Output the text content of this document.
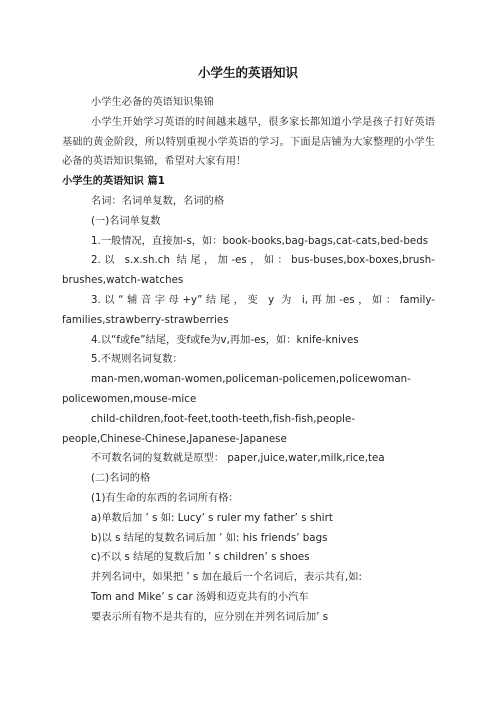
小学生的英语知识

小学生必备的英语知识集锦

小学生开始学习英语的时间越来越早，很多家长都知道小学是孩子打好英语基础的黄金阶段，所以特别重视小学英语的学习。下面是店铺为大家整理的小学生必备的英语知识集锦，希望对大家有用！

小学生的英语知识 篇1

名词：名词单复数，名词的格

(一)名词单复数

1.一般情况，直接加-s，如：book-books,bag-bags,cat-cats,bed-beds

2.以 s.x.sh.ch 结尾，加-es，如：bus-buses,box-boxes,brush-brushes,watch-watches

3.以“辅音字母+y”结尾，变 y 为 i,再加-es，如：family-families,strawberry-strawberries

4.以“f或fe”结尾，变f或fe为v,再加-es，如：knife-knives

5.不规则名词复数：

man-men,woman-women,policeman-policemen,policewoman-policewomen,mouse-mice

child-children,foot-feet,tooth-teeth,fish-fish,people-people,Chinese-Chinese,Japanese-Japanese

不可数名词的复数就是原型： paper,juice,water,milk,rice,tea

(二)名词的格

(1)有生命的东西的名词所有格：

a)单数后加 ’ s 如: Lucy’ s ruler my father’ s shirt

b)以 s 结尾的复数名词后加 ’ 如: his friends’ bags

c)不以 s 结尾的复数后加 ’ s children’ s shoes

并列名词中，如果把 ’ s 加在最后一个名词后，表示共有,如:

Tom and Mike’ s car 汤姆和迈克共有的小汽车

要表示所有物不是共有的，应分别在并列名词后加’ s
